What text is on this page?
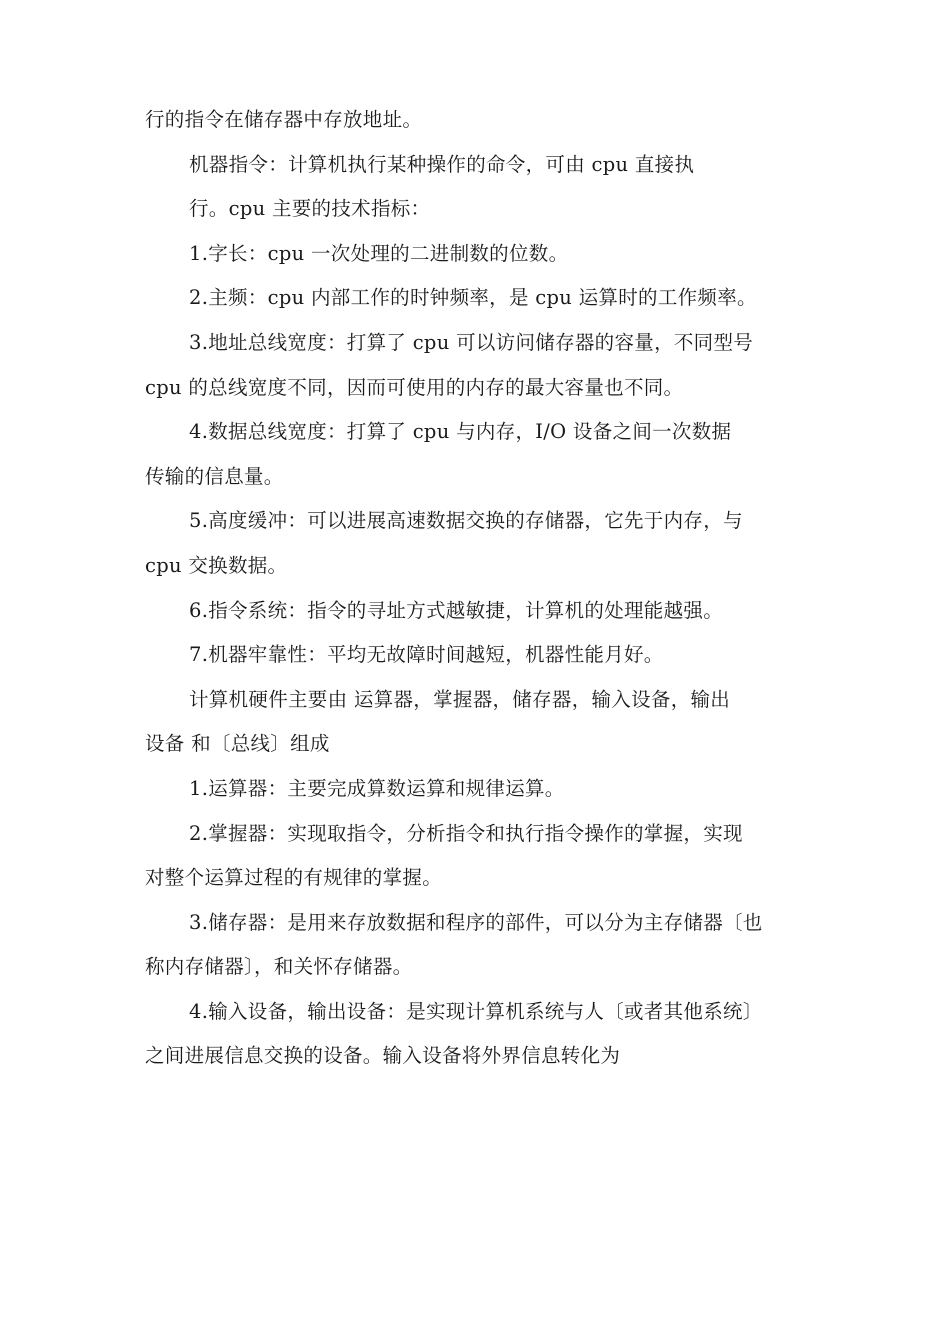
行的指令在储存器中存放地址。
机器指令：计算机执行某种操作的命令，可由 cpu 直接执
行。cpu 主要的技术指标：
1.字长：cpu 一次处理的二进制数的位数。
2.主频：cpu 内部工作的时钟频率，是 cpu 运算时的工作频率。
3.地址总线宽度：打算了 cpu 可以访问储存器的容量，不同型号
cpu 的总线宽度不同，因而可使用的内存的最大容量也不同。
4.数据总线宽度：打算了 cpu 与内存，I/O 设备之间一次数据
传输的信息量。
5.高度缓冲：可以进展高速数据交换的存储器，它先于内存，与
cpu 交换数据。
6.指令系统：指令的寻址方式越敏捷，计算机的处理能越强。
7.机器牢靠性：平均无故障时间越短，机器性能月好。
计算机硬件主要由 运算器，掌握器，储存器，输入设备，输出
设备 和〔总线〕组成
1.运算器：主要完成算数运算和规律运算。
2.掌握器：实现取指令，分析指令和执行指令操作的掌握，实现
对整个运算过程的有规律的掌握。
3.储存器：是用来存放数据和程序的部件，可以分为主存储器〔也
称内存储器〕，和关怀存储器。
4.输入设备，输出设备：是实现计算机系统与人〔或者其他系统〕
之间进展信息交换的设备。输入设备将外界信息转化为
